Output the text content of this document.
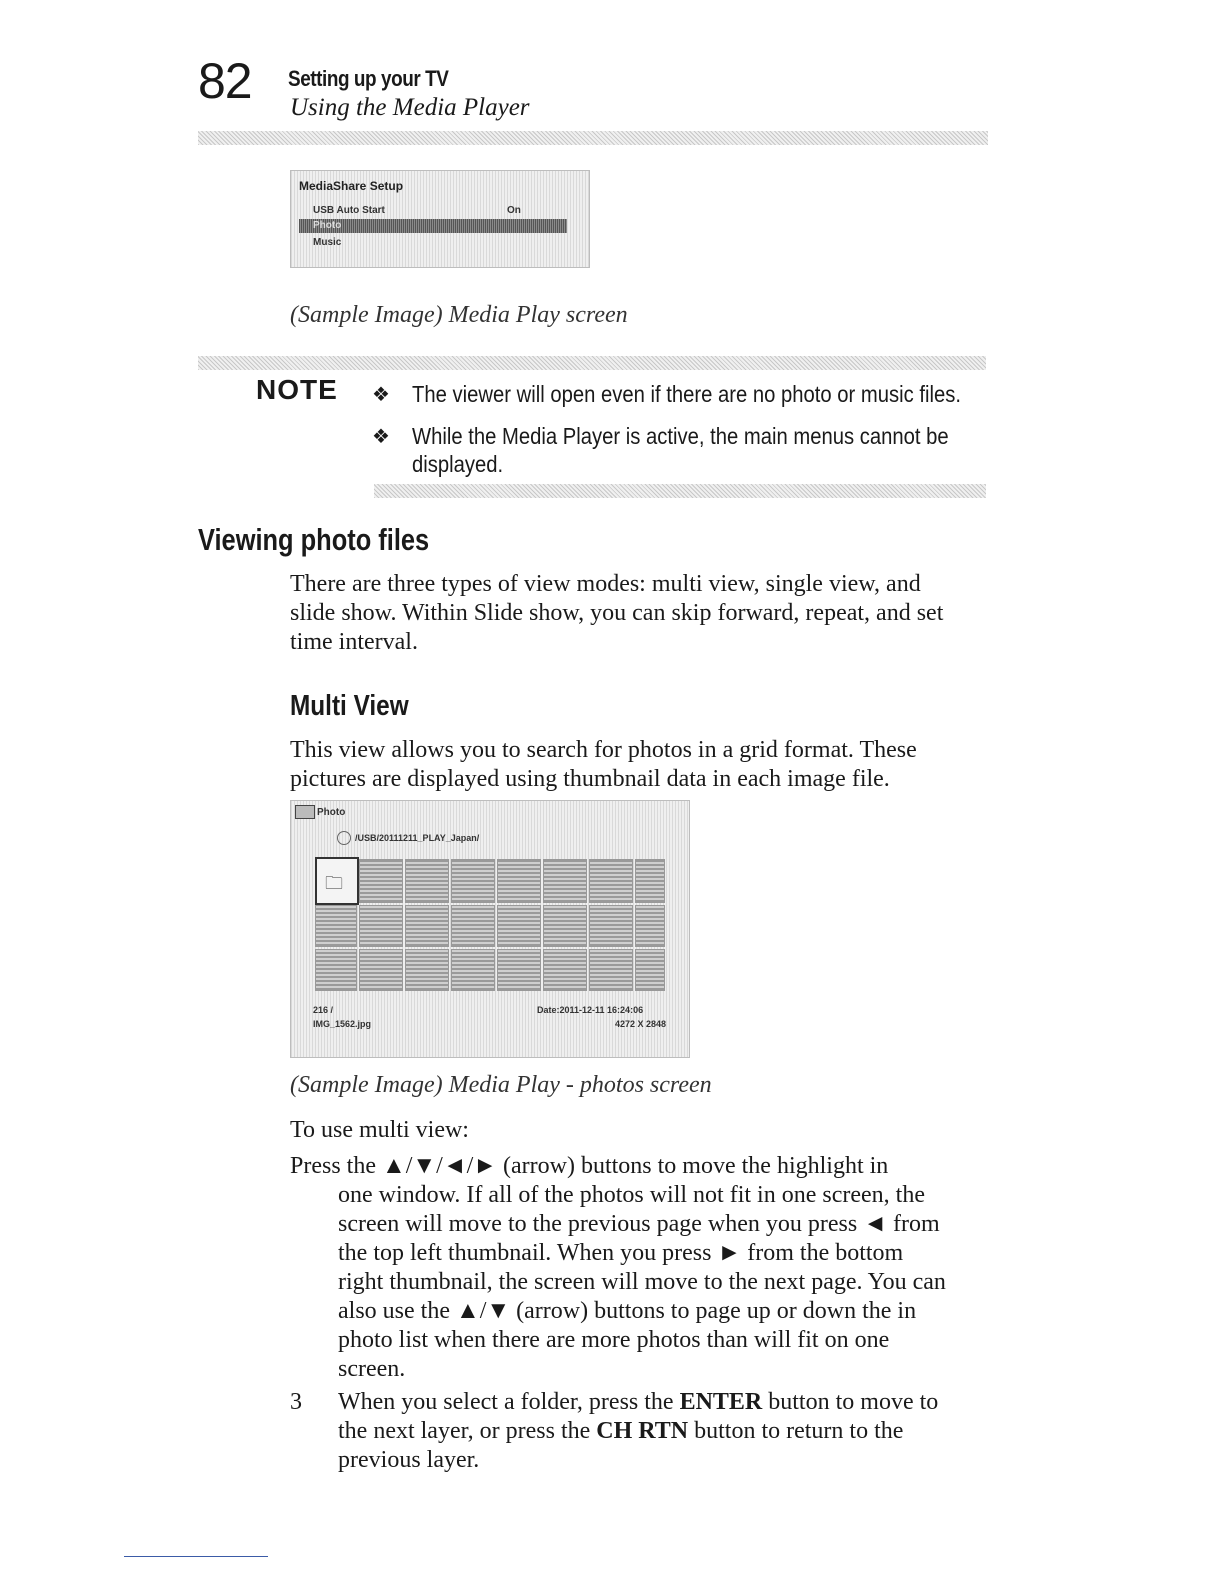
82 Setting up your TV
Using the Media Player
MediaShare Setup
USB Auto Start	On
Photo
Music
(Sample Image) Media Play screen
NOTE ❖ The viewer will open even if there are no photo or music files.
❖ While the Media Player is active, the main menus cannot be
displayed.
Viewing photo files
There are three types of view modes: multi view, single view, and
slide show. Within Slide show, you can skip forward, repeat, and set
time interval.
Multi View
This view allows you to search for photos in a grid format. These
pictures are displayed using thumbnail data in each image file.
Photo
/USB/20111211_PLAY_Japan/
🗀
216 /
IMG_1562.jpg
Date:2011-12-11 16:24:06
4272 X 2848
(Sample Image) Media Play - photos screen
To use multi view:
Press the ▲/▼/◄/► (arrow) buttons to move the highlight in
one window. If all of the photos will not fit in one screen, the
screen will move to the previous page when you press ◄ from
the top left thumbnail. When you press ► from the bottom
right thumbnail, the screen will move to the next page. You can
also use the ▲/▼ (arrow) buttons to page up or down the in
photo list when there are more photos than will fit on one
screen.
3	When you select a folder, press the ENTER button to move to
the next layer, or press the CH RTN button to return to the
previous layer.
